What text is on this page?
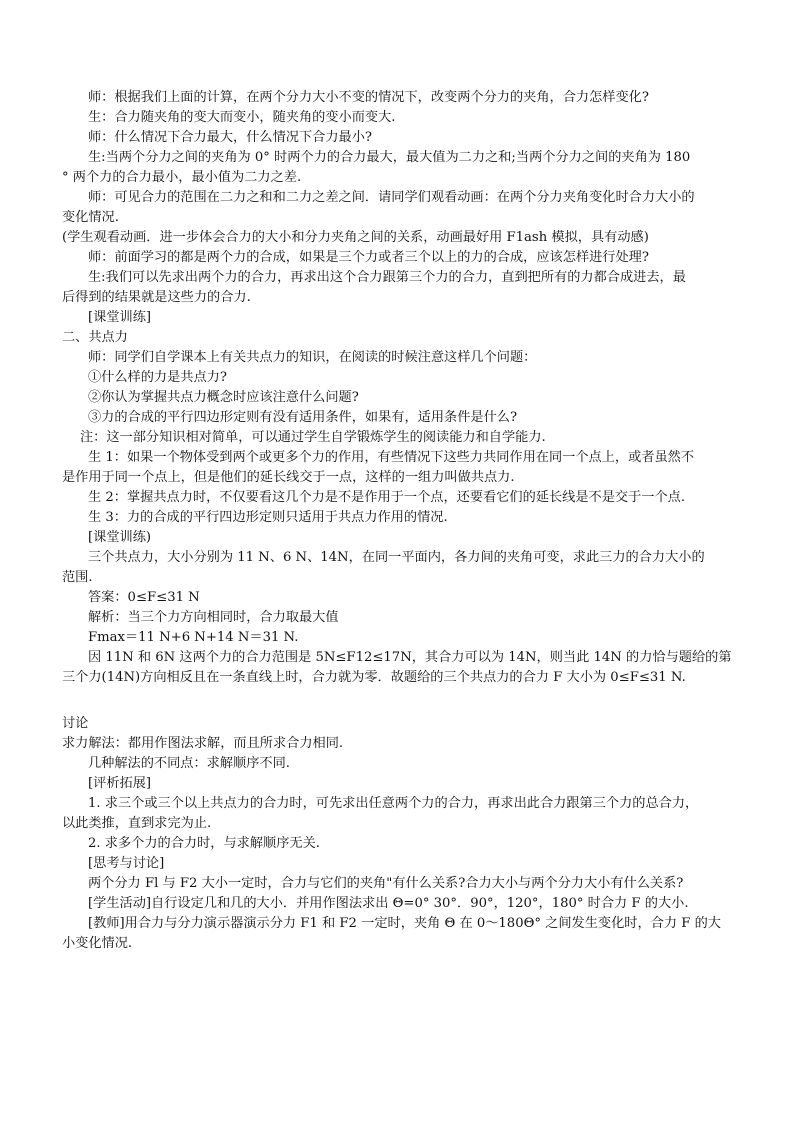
师：根据我们上面的计算，在两个分力大小不变的情况下，改变两个分力的夹角，合力怎样变化?

生：合力随夹角的变大而变小，随夹角的变小而变大.

师：什么情况下合力最大，什么情况下合力最小?

生:当两个分力之间的夹角为 0° 时两个力的合力最大，最大值为二力之和;当两个分力之间的夹角为 180

° 两个力的合力最小，最小值为二力之差.

师：可见合力的范围在二力之和和二力之差之间．请同学们观看动画：在两个分力夹角变化时合力大小的

变化情况.

(学生观看动画．进一步体会合力的大小和分力夹角之间的关系，动画最好用 F1ash 模拟，具有动感)

师：前面学习的都是两个力的合成，如果是三个力或者三个以上的力的合成，应该怎样进行处理?

生:我们可以先求出两个力的合力，再求出这个合力跟第三个力的合力，直到把所有的力都合成进去，最

后得到的结果就是这些力的合力.

[课堂训练]

二、共点力

师：同学们自学课本上有关共点力的知识，在阅读的时候注意这样几个问题：

①什么样的力是共点力?

②你认为掌握共点力概念时应该注意什么问题?

③力的合成的平行四边形定则有没有适用条件，如果有，适用条件是什么?

注：这一部分知识相对简单，可以通过学生自学锻炼学生的阅读能力和自学能力.

生 1：如果一个物体受到两个或更多个力的作用，有些情况下这些力共同作用在同一个点上，或者虽然不

是作用于同一个点上，但是他们的延长线交于一点，这样的一组力叫做共点力.

生 2：掌握共点力时，不仅要看这几个力是不是作用于一个点，还要看它们的延长线是不是交于一个点.

生 3：力的合成的平行四边形定则只适用于共点力作用的情况.

[课堂训练)

三个共点力，大小分别为 11 N、6 N、14N，在同一平面内，各力间的夹角可变，求此三力的合力大小的

范围.

答案：0≤F≤31 N

解析：当三个力方向相同时，合力取最大值

Fmax＝11 N+6 N+14 N＝31 N.

因 11N 和 6N 这两个力的合力范围是 5N≤F12≤17N，其合力可以为 14N，则当此 14N 的力恰与题给的第

三个力(14N)方向相反且在一条直线上时，合力就为零．故题给的三个共点力的合力 F 大小为 0≤F≤31 N.

讨论

求力解法：都用作图法求解，而且所求合力相同.

几种解法的不同点：求解顺序不同.

[评析拓展]

1. 求三个或三个以上共点力的合力时，可先求出任意两个力的合力，再求出此合力跟第三个力的总合力，

以此类推，直到求完为止.

2. 求多个力的合力时，与求解顺序无关.

[思考与讨论]

两个分力 Fl 与 F2 大小一定时，合力与它们的夹角"有什么关系?合力大小与两个分力大小有什么关系?

[学生活动]自行设定几和几的大小．并用作图法求出 Θ=0° 30°．90°，120°，180° 时合力 F 的大小.

[教师]用合力与分力演示器演示分力 F1 和 F2 一定时，夹角 Θ 在 0～180Θ° 之间发生变化时，合力 F 的大

小变化情况.
